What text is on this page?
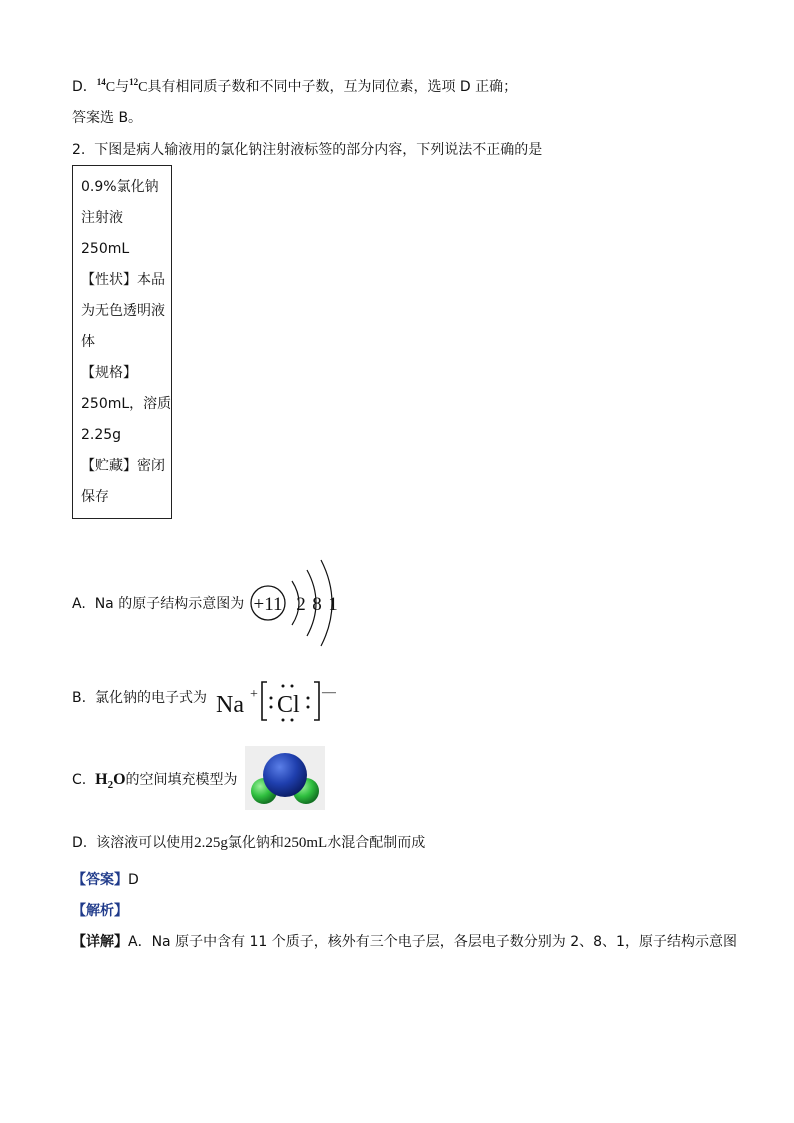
D．$^{14}$C与$^{12}$C具有相同质子数和不同中子数，互为同位素，选项 D 正确；
答案选 B。
2. 下图是病人输液用的氯化钠注射液标签的部分内容，下列说法不正确的是
0.9%氯化钠
注射液
250mL
【性状】本品
为无色透明液
体
【规格】
250mL，溶质
2.25g
【贮藏】密闭
保存
A. Na 的原子结构示意图为 +11 2 8 1
B. 氯化钠的电子式为 Na + Cl —
C. $H_2O$的空间填充模型为
D. 该溶液可以使用2.25g氯化钠和250mL水混合配制而成
【答案】D
【解析】
【详解】A．Na 原子中含有 11 个质子，核外有三个电子层，各层电子数分别为 2、8、1，原子结构示意图
